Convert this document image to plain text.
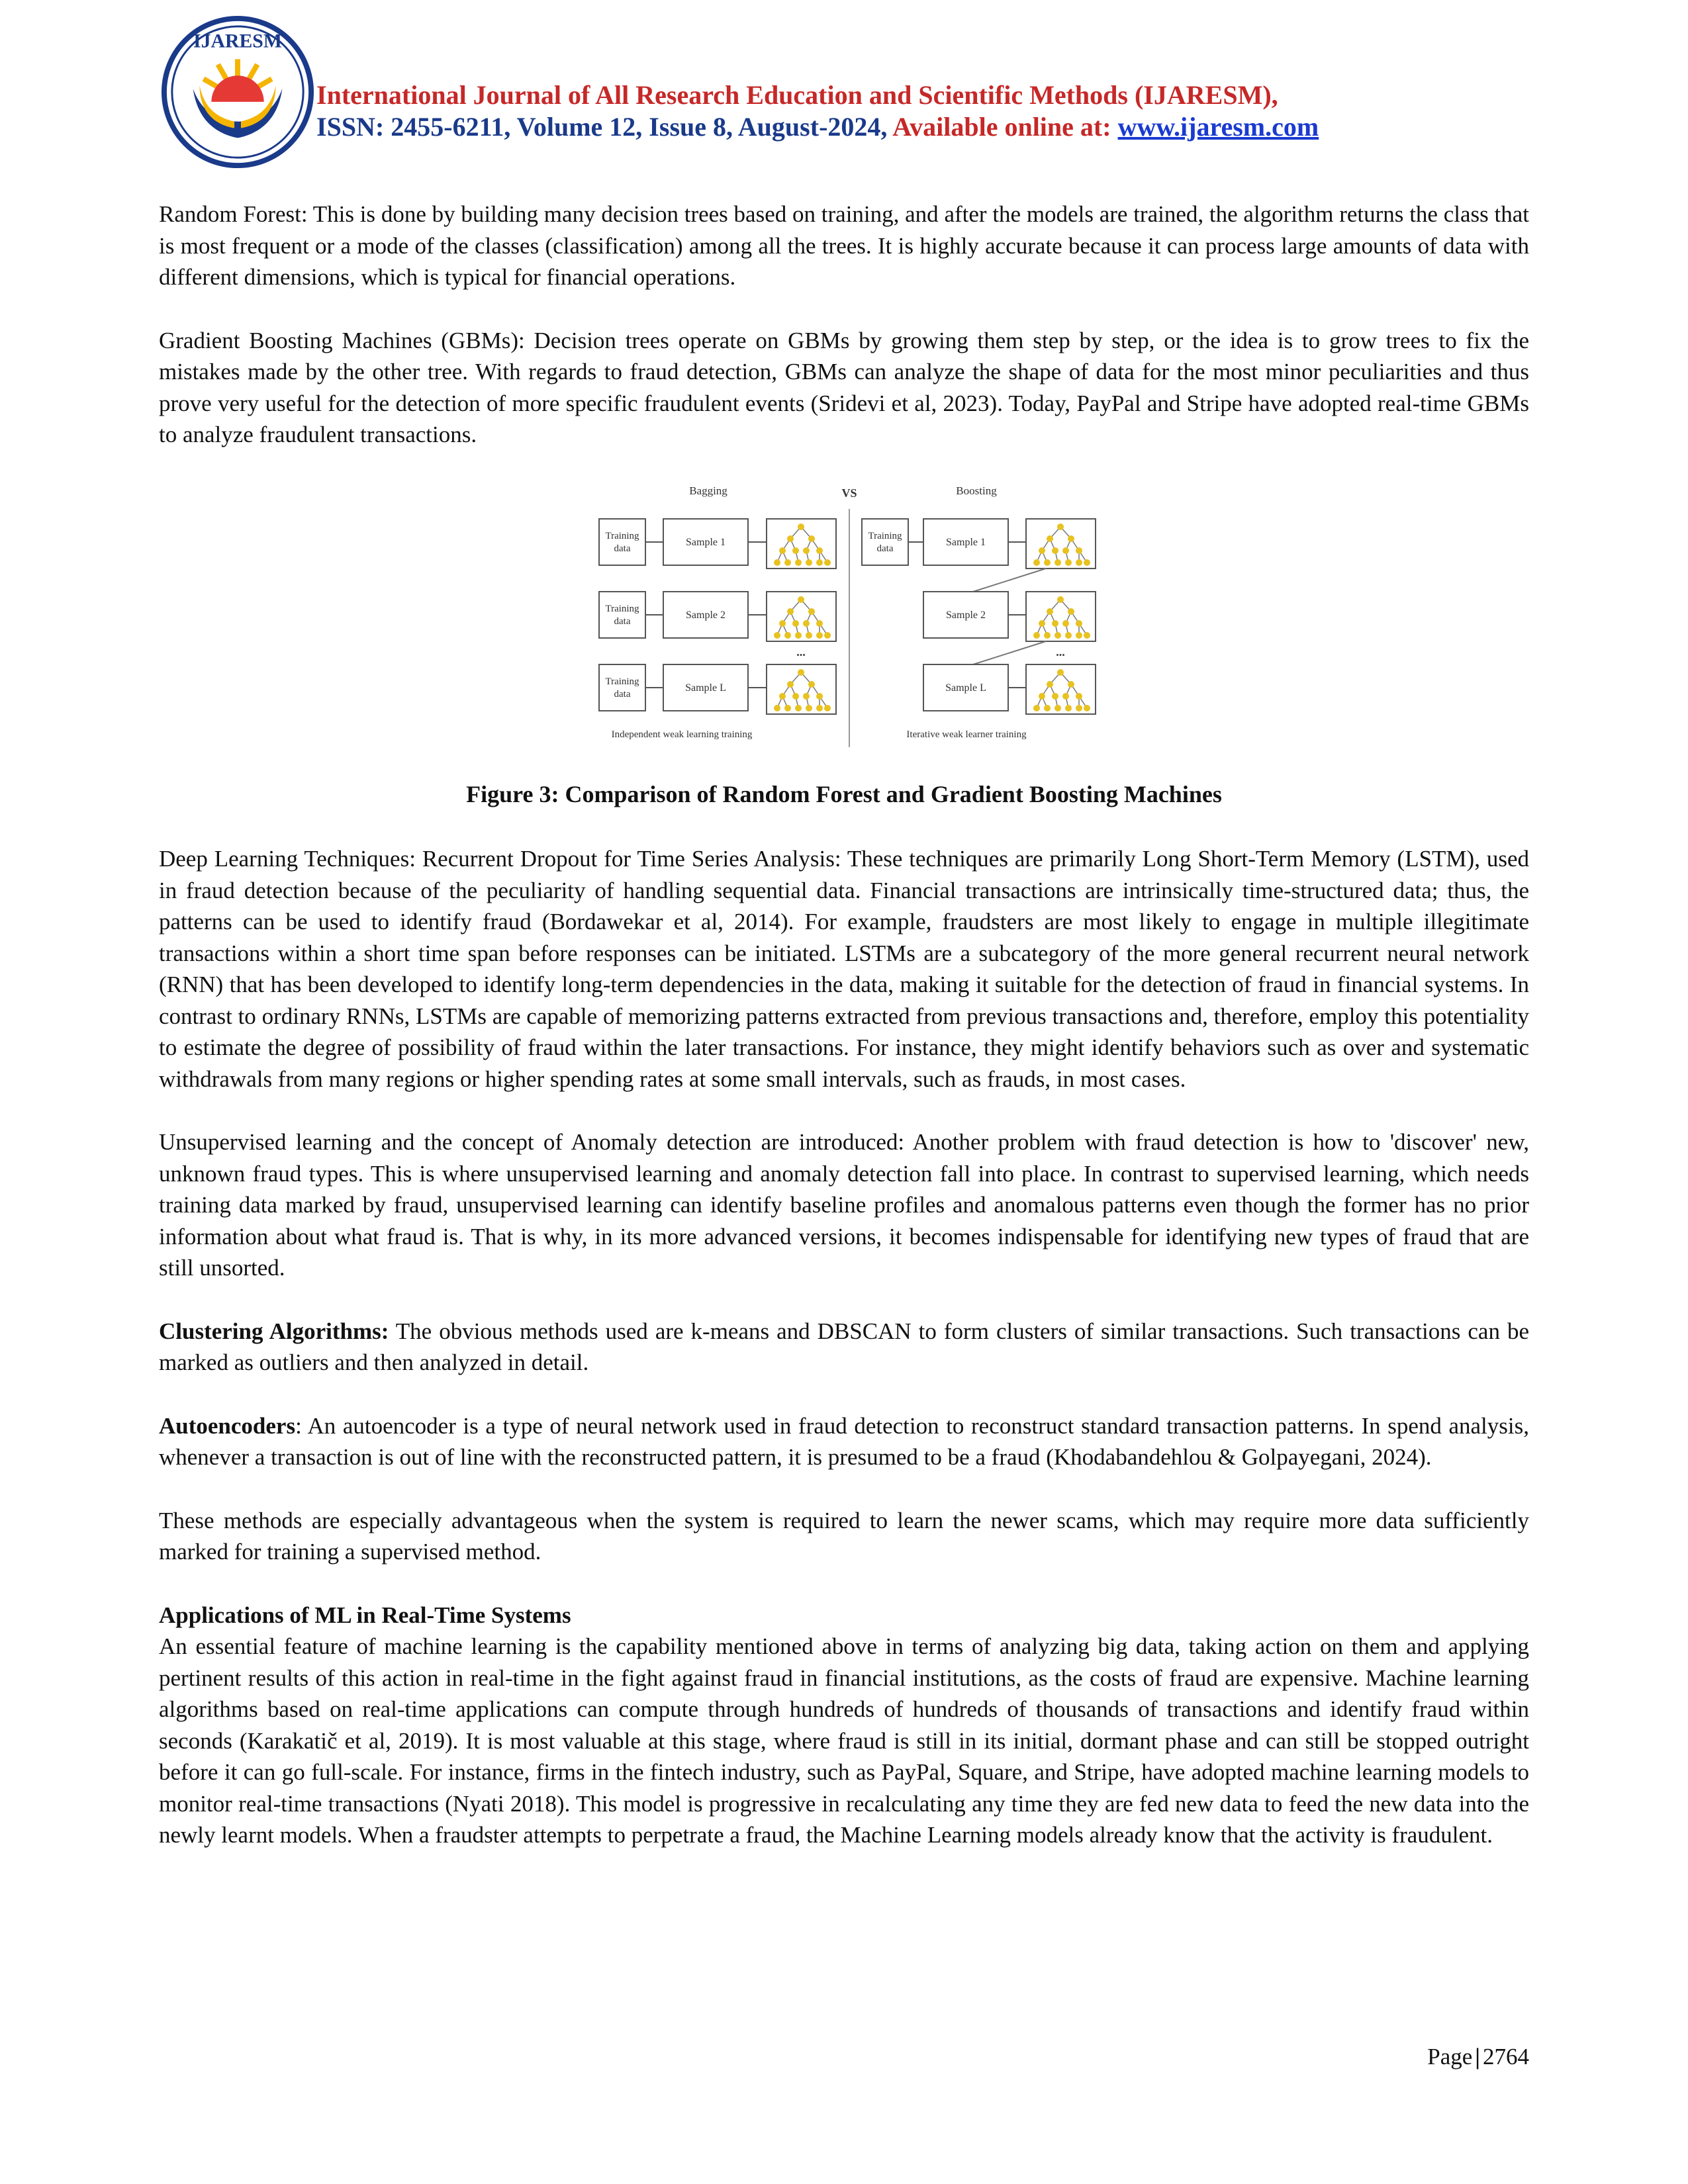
IJARESM
International Journal of All Research Education and Scientific Methods (IJARESM),
ISSN: 2455-6211, Volume 12, Issue 8, August-2024, Available online at: www.ijaresm.com

Random Forest: This is done by building many decision trees based on training, and after the models are trained, the algorithm returns the class that is most frequent or a mode of the classes (classification) among all the trees. It is highly accurate because it can process large amounts of data with different dimensions, which is typical for financial operations.

Gradient Boosting Machines (GBMs): Decision trees operate on GBMs by growing them step by step, or the idea is to grow trees to fix the mistakes made by the other tree. With regards to fraud detection, GBMs can analyze the shape of data for the most minor peculiarities and thus prove very useful for the detection of more specific fraudulent events (Sridevi et al, 2023). Today, PayPal and Stripe have adopted real-time GBMs to analyze fraudulent transactions.

Bagging	VS	Boosting
Training
data
Sample 1
Training
data
Sample 2
...
Training
data
Sample L
Independent weak learning training
Training
data
Sample 1
Sample 2
...
Sample L
Iterative weak learner training
Figure 3: Comparison of Random Forest and Gradient Boosting Machines

Deep Learning Techniques: Recurrent Dropout for Time Series Analysis: These techniques are primarily Long Short-Term Memory (LSTM), used in fraud detection because of the peculiarity of handling sequential data. Financial transactions are intrinsically time-structured data; thus, the patterns can be used to identify fraud (Bordawekar et al, 2014). For example, fraudsters are most likely to engage in multiple illegitimate transactions within a short time span before responses can be initiated. LSTMs are a subcategory of the more general recurrent neural network (RNN) that has been developed to identify long-term dependencies in the data, making it suitable for the detection of fraud in financial systems. In contrast to ordinary RNNs, LSTMs are capable of memorizing patterns extracted from previous transactions and, therefore, employ this potentiality to estimate the degree of possibility of fraud within the later transactions. For instance, they might identify behaviors such as over and systematic withdrawals from many regions or higher spending rates at some small intervals, such as frauds, in most cases.

Unsupervised learning and the concept of Anomaly detection are introduced: Another problem with fraud detection is how to 'discover' new, unknown fraud types. This is where unsupervised learning and anomaly detection fall into place. In contrast to supervised learning, which needs training data marked by fraud, unsupervised learning can identify baseline profiles and anomalous patterns even though the former has no prior information about what fraud is. That is why, in its more advanced versions, it becomes indispensable for identifying new types of fraud that are still unsorted.

Clustering Algorithms: The obvious methods used are k-means and DBSCAN to form clusters of similar transactions. Such transactions can be marked as outliers and then analyzed in detail.

Autoencoders: An autoencoder is a type of neural network used in fraud detection to reconstruct standard transaction patterns. In spend analysis, whenever a transaction is out of line with the reconstructed pattern, it is presumed to be a fraud (Khodabandehlou & Golpayegani, 2024).

These methods are especially advantageous when the system is required to learn the newer scams, which may require more data sufficiently marked for training a supervised method.

Applications of ML in Real-Time Systems

An essential feature of machine learning is the capability mentioned above in terms of analyzing big data, taking action on them and applying pertinent results of this action in real-time in the fight against fraud in financial institutions, as the costs of fraud are expensive. Machine learning algorithms based on real-time applications can compute through hundreds of hundreds of thousands of transactions and identify fraud within seconds (Karakatič et al, 2019). It is most valuable at this stage, where fraud is still in its initial, dormant phase and can still be stopped outright before it can go full-scale. For instance, firms in the fintech industry, such as PayPal, Square, and Stripe, have adopted machine learning models to monitor real-time transactions (Nyati 2018). This model is progressive in recalculating any time they are fed new data to feed the new data into the newly learnt models. When a fraudster attempts to perpetrate a fraud, the Machine Learning models already know that the activity is fraudulent.

Page | 2764
